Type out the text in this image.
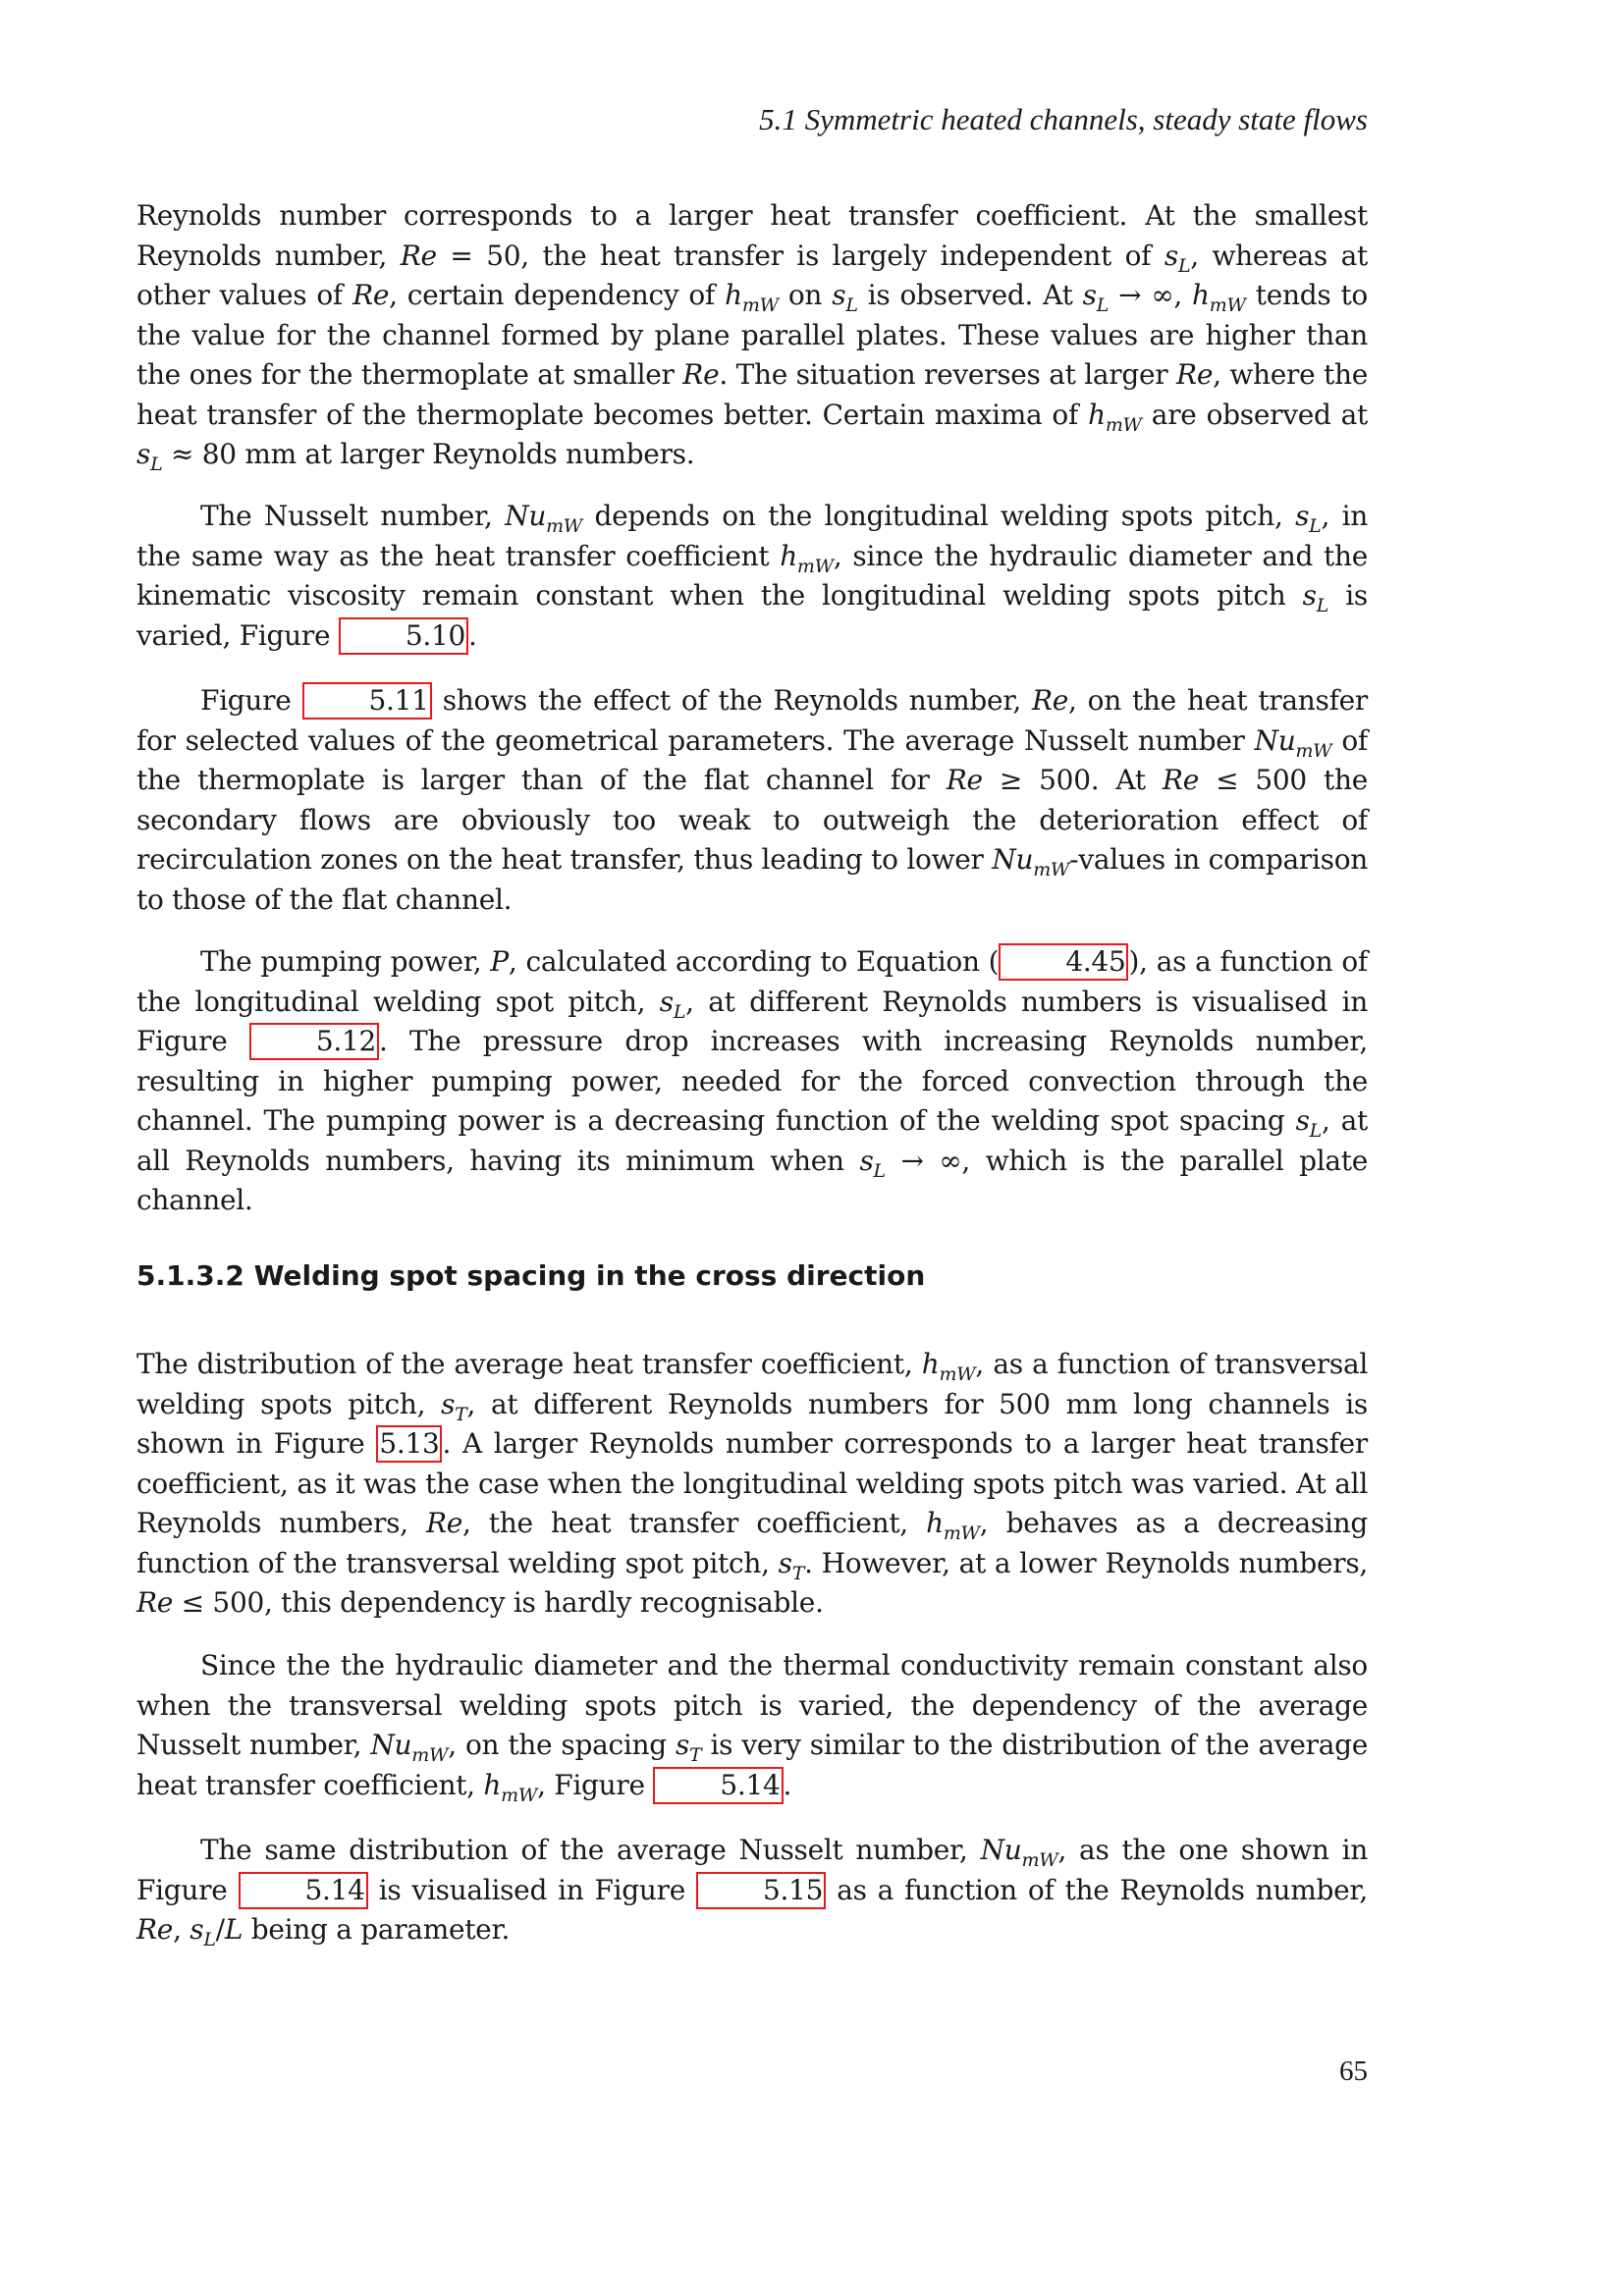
5.1 Symmetric heated channels, steady state flows

Reynolds number corresponds to a larger heat transfer coefficient. At the smallest Reynolds number, Re = 50, the heat transfer is largely independent of $s_L$, whereas at other values of Re, certain dependency of $h_{mW}$ on $s_L$ is observed. At $s_L$ → ∞, $h_{mW}$ tends to the value for the channel formed by plane parallel plates. These values are higher than the ones for the thermoplate at smaller Re. The situation reverses at larger Re, where the heat transfer of the thermoplate becomes better. Certain maxima of $h_{mW}$ are observed at $s_L \approx 80$ mm at larger Reynolds numbers.

The Nusselt number, $Nu_{mW}$ depends on the longitudinal welding spots pitch, $s_L$, in the same way as the heat transfer coefficient $h_{mW}$, since the hydraulic diameter and the kinematic viscosity remain constant when the longitudinal welding spots pitch $s_L$ is varied, Figure 5.10 .

Figure 5.11 shows the effect of the Reynolds number, Re, on the heat transfer for selected values of the geometrical parameters. The average Nusselt number $Nu_{mW}$ of the thermoplate is larger than of the flat channel for Re ≥ 500. At Re ≤ 500 the secondary flows are obviously too weak to outweigh the deterioration effect of recirculation zones on the heat transfer, thus leading to lower $Nu_{mW}$-values in comparison to those of the flat channel.

The pumping power, P, calculated according to Equation ( 4.45 ), as a function of the longitudinal welding spot pitch, $s_L$, at different Reynolds numbers is visualised in Figure 5.12 . The pressure drop increases with increasing Reynolds number, resulting in higher pumping power, needed for the forced convection through the channel. The pumping power is a decreasing function of the welding spot spacing $s_L$, at all Reynolds numbers, having its minimum when $s_L$ → ∞, which is the parallel plate channel.

5.1.3.2 Welding spot spacing in the cross direction

The distribution of the average heat transfer coefficient, $h_{mW}$, as a function of transversal welding spots pitch, $s_T$, at different Reynolds numbers for 500 mm long channels is shown in Figure 5.13 . A larger Reynolds number corresponds to a larger heat transfer coefficient, as it was the case when the longitudinal welding spots pitch was varied. At all Reynolds numbers, Re, the heat transfer coefficient, $h_{mW}$, behaves as a decreasing function of the transversal welding spot pitch, $s_T$. However, at a lower Reynolds numbers, Re ≤ 500, this dependency is hardly recognisable.

Since the the hydraulic diameter and the thermal conductivity remain constant also when the transversal welding spots pitch is varied, the dependency of the average Nusselt number, $Nu_{mW}$, on the spacing $s_T$ is very similar to the distribution of the average heat transfer coefficient, $h_{mW}$, Figure 5.14 .

The same distribution of the average Nusselt number, $Nu_{mW}$, as the one shown in Figure 5.14 is visualised in Figure 5.15 as a function of the Reynolds number, Re, $s_L/L$ being a parameter.

65
